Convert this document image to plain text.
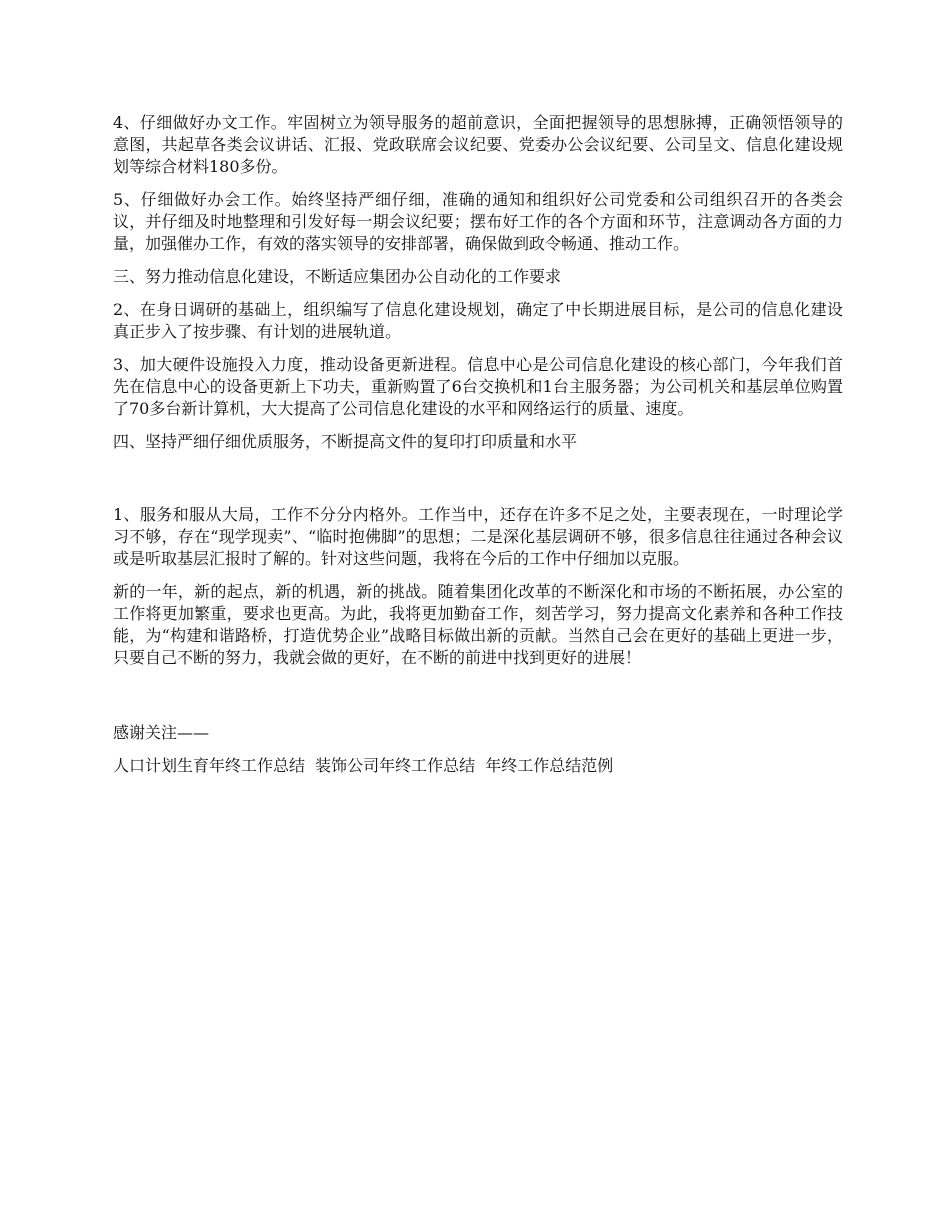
4、仔细做好办文工作。牢固树立为领导服务的超前意识，全面把握领导的思想脉搏，正确领悟领导的意图，共起草各类会议讲话、汇报、党政联席会议纪要、党委办公会议纪要、公司呈文、信息化建设规划等综合材料180多份。

5、仔细做好办会工作。始终坚持严细仔细，准确的通知和组织好公司党委和公司组织召开的各类会议，并仔细及时地整理和引发好每一期会议纪要；摆布好工作的各个方面和环节，注意调动各方面的力量，加强催办工作，有效的落实领导的安排部署，确保做到政令畅通、推动工作。

三、努力推动信息化建设，不断适应集团办公自动化的工作要求

2、在身日调研的基础上，组织编写了信息化建设规划，确定了中长期进展目标，是公司的信息化建设真正步入了按步骤、有计划的进展轨道。

3、加大硬件设施投入力度，推动设备更新进程。信息中心是公司信息化建设的核心部门，今年我们首先在信息中心的设备更新上下功夫，重新购置了6台交换机和1台主服务器；为公司机关和基层单位购置了70多台新计算机，大大提高了公司信息化建设的水平和网络运行的质量、速度。

四、坚持严细仔细优质服务，不断提高文件的复印打印质量和水平

1、服务和服从大局，工作不分分内格外。工作当中，还存在许多不足之处，主要表现在，一时理论学习不够，存在“现学现卖”、“临时抱佛脚”的思想；二是深化基层调研不够，很多信息往往通过各种会议或是听取基层汇报时了解的。针对这些问题，我将在今后的工作中仔细加以克服。

新的一年，新的起点，新的机遇，新的挑战。随着集团化改革的不断深化和市场的不断拓展，办公室的工作将更加繁重，要求也更高。为此，我将更加勤奋工作，刻苦学习，努力提高文化素养和各种工作技能，为“构建和谐路桥，打造优势企业”战略目标做出新的贡献。当然自己会在更好的基础上更进一步，只要自己不断的努力，我就会做的更好，在不断的前进中找到更好的进展！

感谢关注——

人口计划生育年终工作总结 装饰公司年终工作总结 年终工作总结范例
